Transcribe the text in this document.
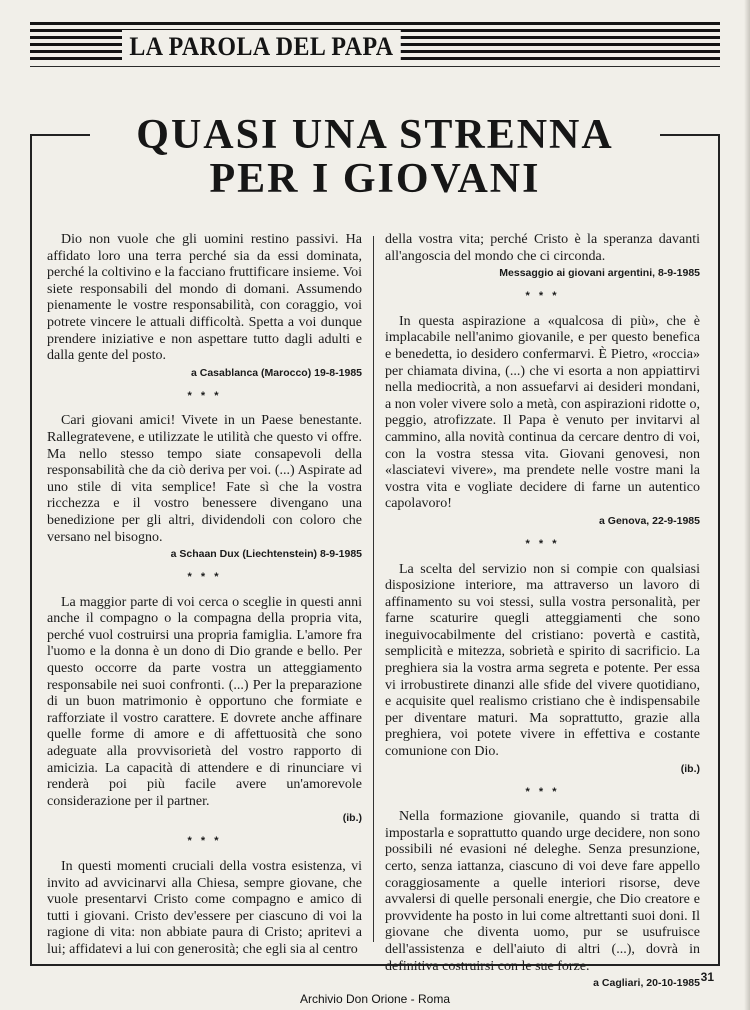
LA PAROLA DEL PAPA
QUASI UNA STRENNA
PER I GIOVANI

Dio non vuole che gli uomini restino passivi. Ha affidato loro una terra perché sia da essi dominata, perché la coltivino e la facciano fruttificare insieme. Voi siete responsabili del mondo di domani. Assumendo pienamente le vostre responsabilità, con coraggio, voi potrete vincere le attuali difficoltà. Spetta a voi dunque prendere iniziative e non aspettare tutto dagli adulti e dalla gente del posto.

a Casablanca (Marocco) 19-8-1985
* * *

Cari giovani amici! Vivete in un Paese benestante. Rallegratevene, e utilizzate le utilità che questo vi offre. Ma nello stesso tempo siate consapevoli della responsabilità che da ciò deriva per voi. (...) Aspirate ad uno stile di vita semplice! Fate sì che la vostra ricchezza e il vostro benessere divengano una benedizione per gli altri, dividendoli con coloro che versano nel bisogno.

a Schaan Dux (Liechtenstein) 8-9-1985
* * *

La maggior parte di voi cerca o sceglie in questi anni anche il compagno o la compagna della propria vita, perché vuol costruirsi una propria famiglia. L'amore fra l'uomo e la donna è un dono di Dio grande e bello. Per questo occorre da parte vostra un atteggiamento responsabile nei suoi confronti. (...) Per la preparazione di un buon matrimonio è opportuno che formiate e rafforziate il vostro carattere. E dovrete anche affinare quelle forme di amore e di affettuosità che sono adeguate alla provvisorietà del vostro rapporto di amicizia. La capacità di attendere e di rinunciare vi renderà poi più facile avere un'amorevole considerazione per il partner.

(ib.)
* * *

In questi momenti cruciali della vostra esistenza, vi invito ad avvicinarvi alla Chiesa, sempre giovane, che vuole presentarvi Cristo come compagno e amico di tutti i giovani. Cristo dev'essere per ciascuno di voi la ragione di vita: non abbiate paura di Cristo; apritevi a lui; affidatevi a lui con generosità; che egli sia al centro

della vostra vita; perché Cristo è la speranza davanti all'angoscia del mondo che ci circonda.

Messaggio ai giovani argentini, 8-9-1985
* * *

In questa aspirazione a «qualcosa di più», che è implacabile nell'animo giovanile, e per questo benefica e benedetta, io desidero confermarvi. È Pietro, «roccia» per chiamata divina, (...) che vi esorta a non appiattirvi nella mediocrità, a non assuefarvi ai desideri mondani, a non voler vivere solo a metà, con aspirazioni ridotte o, peggio, atrofizzate. Il Papa è venuto per invitarvi al cammino, alla novità continua da cercare dentro di voi, con la vostra stessa vita. Giovani genovesi, non «lasciatevi vivere», ma prendete nelle vostre mani la vostra vita e vogliate decidere di farne un autentico capolavoro!

a Genova, 22-9-1985
* * *

La scelta del servizio non si compie con qualsiasi disposizione interiore, ma attraverso un lavoro di affinamento su voi stessi, sulla vostra personalità, per farne scaturire quegli atteggiamenti che sono ineguivocabilmente del cristiano: povertà e castità, semplicità e mitezza, sobrietà e spirito di sacrificio. La preghiera sia la vostra arma segreta e potente. Per essa vi irrobustirete dinanzi alle sfide del vivere quotidiano, e acquisite quel realismo cristiano che è indispensabile per diventare maturi. Ma soprattutto, grazie alla preghiera, voi potete vivere in effettiva e costante comunione con Dio.

(ib.)
* * *

Nella formazione giovanile, quando si tratta di impostarla e soprattutto quando urge decidere, non sono possibili né evasioni né deleghe. Senza presunzione, certo, senza iattanza, ciascuno di voi deve fare appello coraggiosamente a quelle interiori risorse, deve avvalersi di quelle personali energie, che Dio creatore e provvidente ha posto in lui come altrettanti suoi doni. Il giovane che diventa uomo, pur se usufruisce dell'assistenza e dell'aiuto di altri (...), dovrà in definitiva costruirsi con le sue forze.

a Cagliari, 20-10-1985 31
Archivio Don Orione - Roma
